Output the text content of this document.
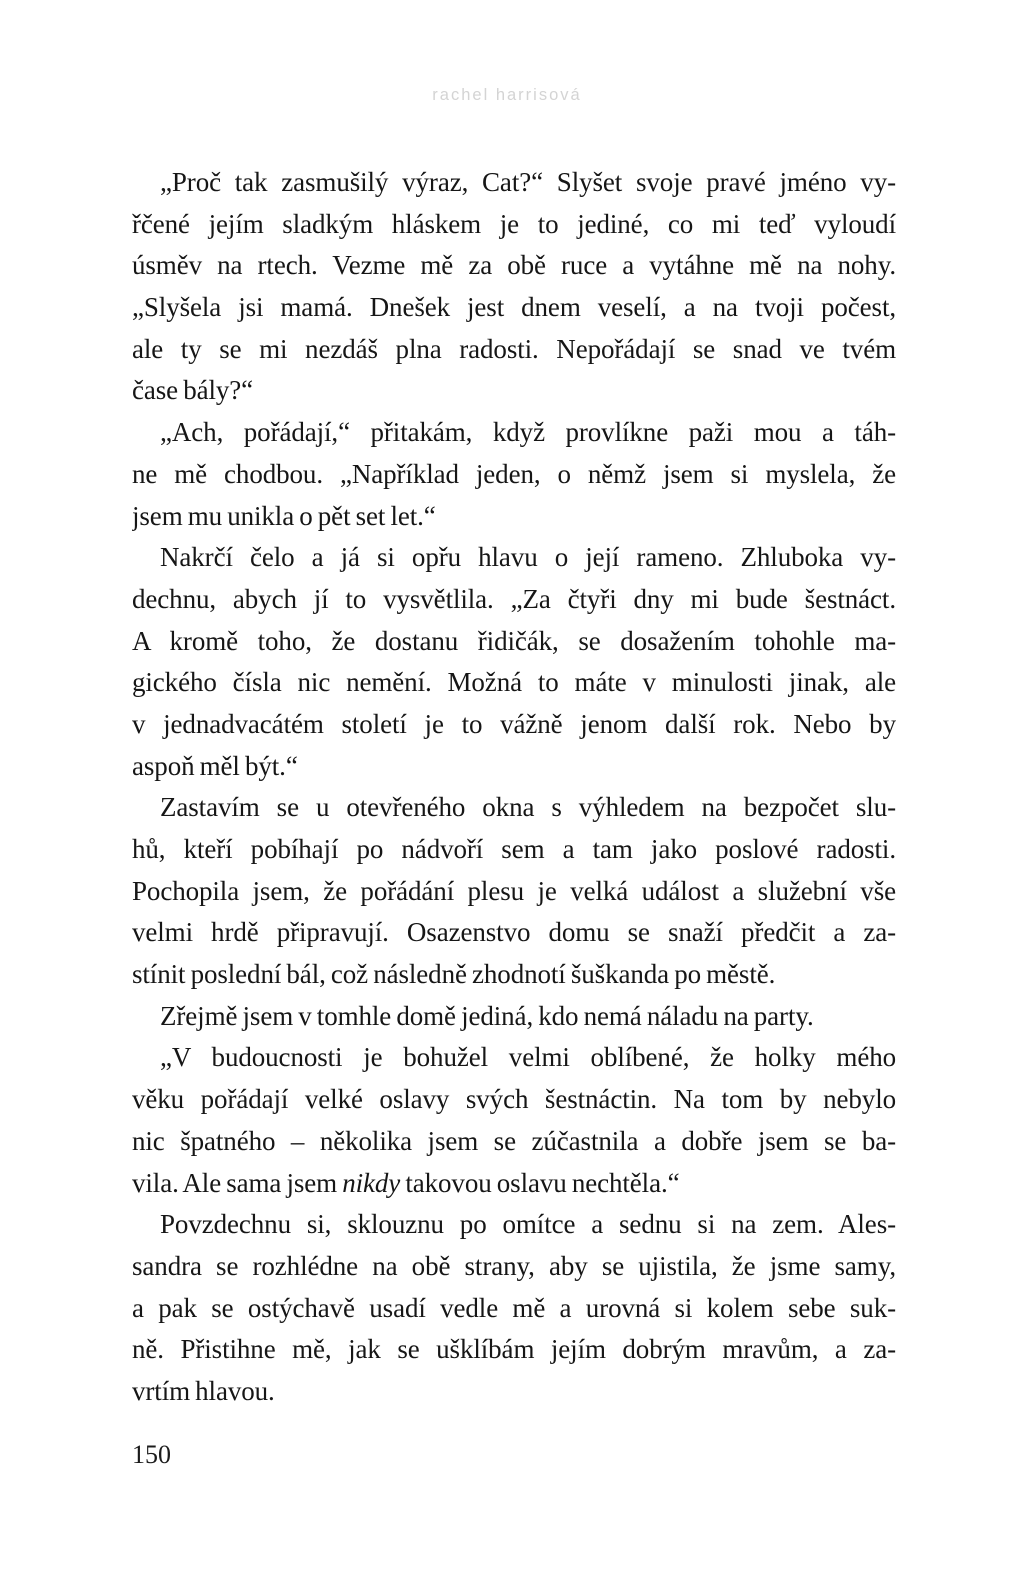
rachel harrisová
„Proč tak zasmušilý výraz, Cat?“ Slyšet svoje pravé jméno vy-
řčené jejím sladkým hláskem je to jediné, co mi teď vyloudí
úsměv na rtech. Vezme mě za obě ruce a vytáhne mě na nohy.
„Slyšela jsi mamá. Dnešek jest dnem veselí, a na tvoji počest,
ale ty se mi nezdáš plna radosti. Nepořádají se snad ve tvém
čase bály?“
„Ach, pořádají,“ přitakám, když provlíkne paži mou a táh-
ne mě chodbou. „Například jeden, o němž jsem si myslela, že
jsem mu unikla o pět set let.“
Nakrčí čelo a já si opřu hlavu o její rameno. Zhluboka vy-
dechnu, abych jí to vysvětlila. „Za čtyři dny mi bude šestnáct.
A kromě toho, že dostanu řidičák, se dosažením tohohle ma-
gického čísla nic nemění. Možná to máte v minulosti jinak, ale
v jednadvacátém století je to vážně jenom další rok. Nebo by
aspoň měl být.“
Zastavím se u otevřeného okna s výhledem na bezpočet slu-
hů, kteří pobíhají po nádvoří sem a tam jako poslové radosti.
Pochopila jsem, že pořádání plesu je velká událost a služební vše
velmi hrdě připravují. Osazenstvo domu se snaží předčit a za-
stínit poslední bál, což následně zhodnotí šuškanda po městě.
Zřejmě jsem v tomhle domě jediná, kdo nemá náladu na party.
„V budoucnosti je bohužel velmi oblíbené, že holky mého
věku pořádají velké oslavy svých šestnáctin. Na tom by nebylo
nic špatného – několika jsem se zúčastnila a dobře jsem se ba-
vila. Ale sama jsem nikdy takovou oslavu nechtěla.“
Povzdechnu si, sklouznu po omítce a sednu si na zem. Ales-
sandra se rozhlédne na obě strany, aby se ujistila, že jsme samy,
a pak se ostýchavě usadí vedle mě a urovná si kolem sebe suk-
ně. Přistihne mě, jak se ušklíbám jejím dobrým mravům, a za-
vrtím hlavou.
150
